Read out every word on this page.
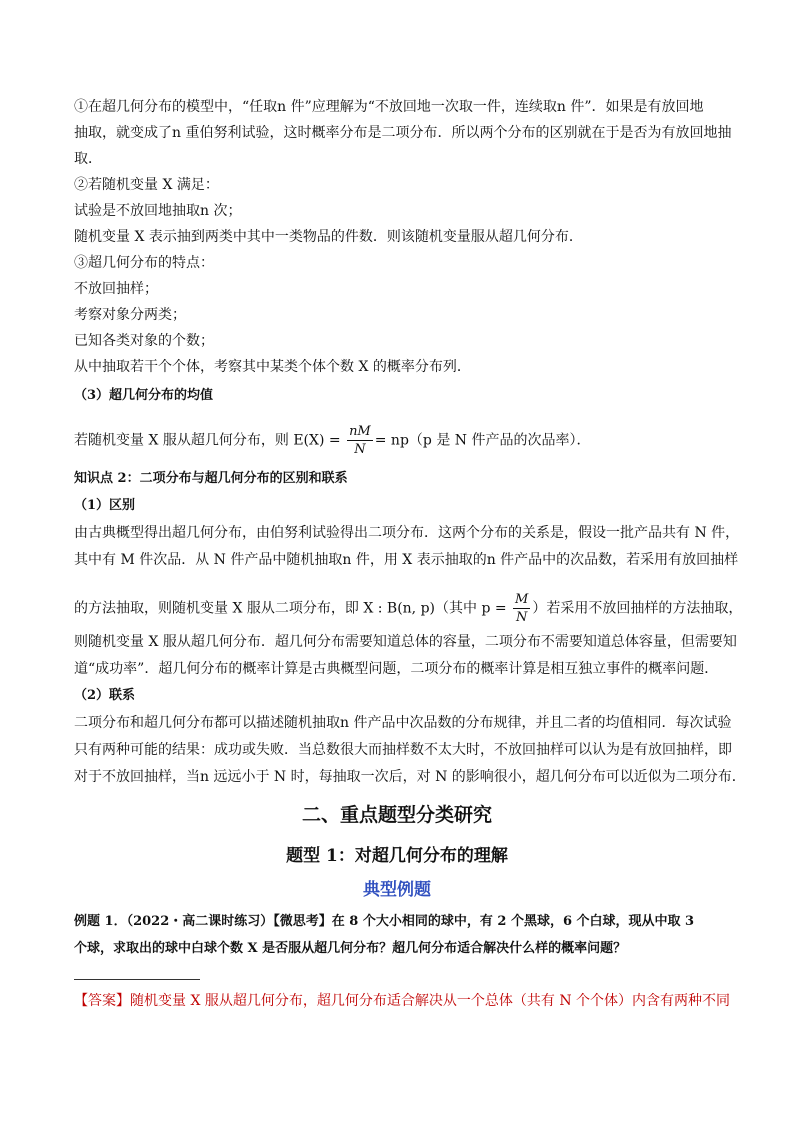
①在超几何分布的模型中，“任取n 件”应理解为“不放回地一次取一件，连续取n 件”．如果是有放回地
抽取，就变成了n 重伯努利试验，这时概率分布是二项分布．所以两个分布的区别就在于是否为有放回地抽
取．
②若随机变量 X 满足：
试验是不放回地抽取n 次；
随机变量 X 表示抽到两类中其中一类物品的件数．则该随机变量服从超几何分布．
③超几何分布的特点：
不放回抽样；
考察对象分两类；
已知各类对象的个数；
从中抽取若干个个体，考察其中某类个体个数 X 的概率分布列．
（3）超几何分布的均值
若随机变量 X 服从超几何分布，则 $E(X) = \frac{nM}{N} = np(p$ 是 N 件产品的次品率）．
知识点 2：二项分布与超几何分布的区别和联系
（1）区别
由古典概型得出超几何分布，由伯努利试验得出二项分布．这两个分布的关系是，假设一批产品共有 N 件，
其中有 M 件次品．从 N 件产品中随机抽取n 件，用 X 表示抽取的n 件产品中的次品数，若采用有放回抽样
的方法抽取，则随机变量 X 服从二项分布，即 X : B(n, p)（其中 $p = \frac{M}{N}$ ）若采用不放回抽样的方法抽取，
则随机变量 X 服从超几何分布．超几何分布需要知道总体的容量，二项分布不需要知道总体容量，但需要知
道“成功率”．超几何分布的概率计算是古典概型问题，二项分布的概率计算是相互独立事件的概率问题．
（2）联系
二项分布和超几何分布都可以描述随机抽取n 件产品中次品数的分布规律，并且二者的均值相同．每次试验
只有两种可能的结果：成功或失败．当总数很大而抽样数不太大时，不放回抽样可以认为是有放回抽样，即
对于不放回抽样，当n 远远小于 N 时，每抽取一次后，对 N 的影响很小，超几何分布可以近似为二项分布．
二、重点题型分类研究
题型 1：对超几何分布的理解
典型例题
例题 1．（2022・高二课时练习）【微思考】在 8 个大小相同的球中，有 2 个黑球，6 个白球，现从中取 3
个球，求取出的球中白球个数 X 是否服从超几何分布？超几何分布适合解决什么样的概率问题？
【答案】随机变量 X 服从超几何分布，超几何分布适合解决从一个总体（共有 N 个个体）内含有两种不同
